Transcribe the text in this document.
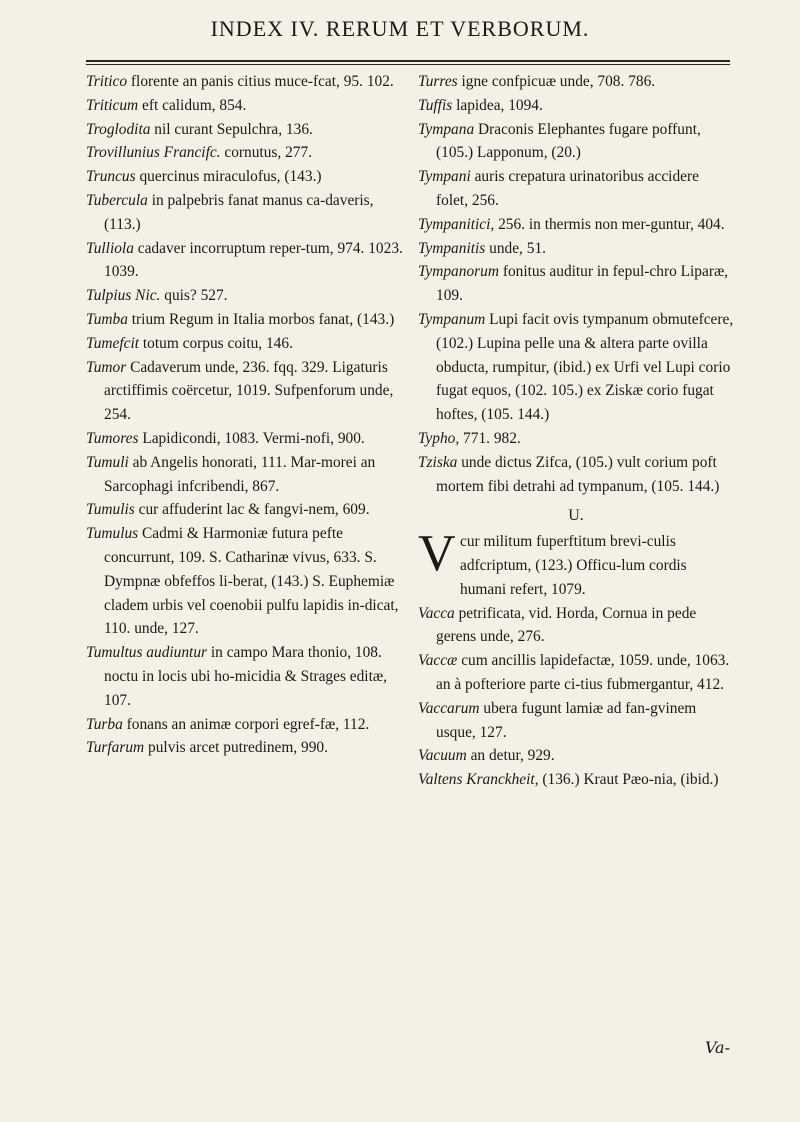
INDEX IV. RERUM ET VERBORUM.

Tritico florente an panis citius muce-fcat, 95. 102.

Triticum eft calidum, 854.

Troglodita nil curant Sepulchra, 136.

Trovillunius Francifc. cornutus, 277.

Truncus quercinus miraculofus, (143.)

Tubercula in palpebris fanat manus ca-daveris, (113.)

Tulliola cadaver incorruptum reper-tum, 974. 1023. 1039.

Tulpius Nic. quis? 527.

Tumba trium Regum in Italia morbos fanat, (143.)

Tumefcit totum corpus coitu, 146.

Tumor Cadaverum unde, 236. fqq. 329. Ligaturis arctiffimis coërcetur, 1019. Sufpenforum unde, 254.

Tumores Lapidicondi, 1083. Vermi-nofi, 900.

Tumuli ab Angelis honorati, 111. Mar-morei an Sarcophagi infcribendi, 867.

Tumulis cur affuderint lac & fangvi-nem, 609.

Tumulus Cadmi & Harmoniæ futura pefte concurrunt, 109. S. Catharinæ vivus, 633. S. Dympnæ obfeffos li-berat, (143.) S. Euphemiæ cladem urbis vel coenobii pulfu lapidis in-dicat, 110. unde, 127.

Tumultus audiuntur in campo Mara thonio, 108. noctu in locis ubi ho-micidia & Strages editæ, 107.

Turba fonans an animæ corpori egref-fæ, 112.

Turfarum pulvis arcet putredinem, 990.

Turres igne confpicuæ unde, 708. 786.

Tuffis lapidea, 1094.

Tympana Draconis Elephantes fugare poffunt, (105.) Lapponum, (20.)

Tympani auris crepatura urinatoribus accidere folet, 256.

Tympanitici, 256. in thermis non mer-guntur, 404.

Tympanitis unde, 51.

Tympanorum fonitus auditur in fepul-chro Liparæ, 109.

Tympanum Lupi facit ovis tympanum obmutefcere, (102.) Lupina pelle una & altera parte ovilla obducta, rumpitur, (ibid.) ex Urfi vel Lupi corio fugat equos, (102. 105.) ex Ziskæ corio fugat hoftes, (105. 144.)

Typho, 771. 982.

Tziska unde dictus Zifca, (105.) vult corium poft mortem fibi detrahi ad tympanum, (105. 144.)

U.

V cur militum fuperftitum brevi-culis adfcriptum, (123.) Officu-lum cordis humani refert, 1079.

Vacca petrificata, vid. Horda, Cornua in pede gerens unde, 276.

Vaccæ cum ancillis lapidefactæ, 1059. unde, 1063. an à pofteriore parte ci-tius fubmergantur, 412.

Vaccarum ubera fugunt lamiæ ad fan-gvinem usque, 127.

Vacuum an detur, 929.

Valtens Kranckheit, (136.) Kraut Pæo-nia, (ibid.)

Va-
